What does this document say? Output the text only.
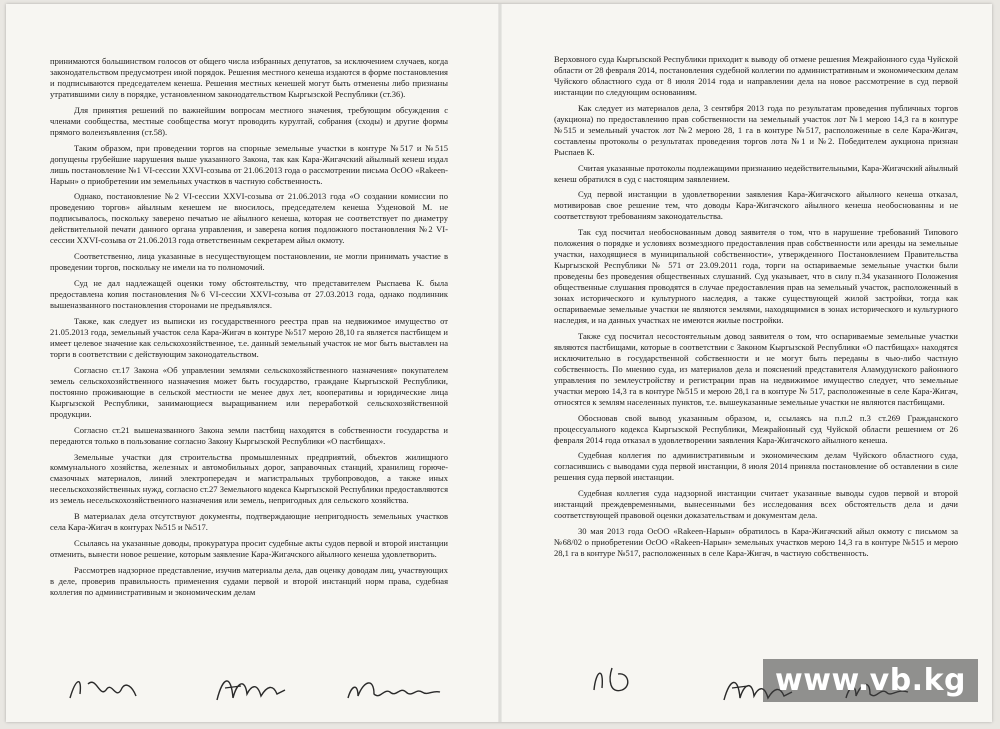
принимаются большинством голосов от общего числа избранных депутатов, за исключением случаев, когда законодательством предусмотрен иной порядок. Решения местного кенеша издаются в форме постановления и подписываются председателем кенеша. Решения местных кенешей могут быть отменены либо признаны утратившими силу в порядке, установленном законодательством Кыргызской Республики (ст.36).

Для принятия решений по важнейшим вопросам местного значения, требующим обсуждения с членами сообщества, местные сообщества могут проводить курултай, собрания (сходы) и другие формы прямого волеизъявления (ст.58).

Таким образом, при проведении торгов на спорные земельные участки в контуре №517 и №515 допущены грубейшие нарушения выше указанного Закона, так как Кара-Жигачский айылный кенеш издал лишь постановление №1 VI-сессии XXVI-созыва от 21.06.2013 года о рассмотрении письма ОсОО «Rakeen-Нарын» о приобретении им земельных участков в частную собственность.

Однако, постановление №2 VI-сессии XXVI-созыва от 21.06.2013 года «О создании комиссии по проведению торгов» айылным кенешем не вносилось, председателем кенеша Узденовой М. не подписывалось, поскольку заверено печатью не айылного кенеша, которая не соответствует по диаметру действительной печати данного органа управления, и заверена копия подложного постановления №2 VI-сессии XXVI-созыва от 21.06.2013 года ответственным секретарем айыл окмоту.

Соответственно, лица указанные в несуществующем постановлении, не могли принимать участие в проведении торгов, поскольку не имели на то полномочий.

Суд не дал надлежащей оценки тому обстоятельству, что представителем Рыспаева К. была предоставлена копия постановления №6 VI-сессии XXVI-созыва от 27.03.2013 года, однако подлинник вышеназванного постановления сторонами не предъявлялся.

Также, как следует из выписки из государственного реестра прав на недвижимое имущество от 21.05.2013 года, земельный участок села Кара-Жигач в контуре №517 мерою 28,10 га является пастбищем и имеет целевое значение как сельскохозяйственное, т.е. данный земельный участок не мог быть выставлен на торги в соответствии с действующим законодательством.

Согласно ст.17 Закона «Об управлении землями сельскохозяйственного назначения» покупателем земель сельскохозяйственного назначения может быть государство, граждане Кыргызской Республики, постоянно проживающие в сельской местности не менее двух лет, кооперативы и юридические лица Кыргызской Республики, занимающиеся выращиванием или переработкой сельскохозяйственной продукции.

Согласно ст.21 вышеназванного Закона земли пастбищ находятся в собственности государства и передаются только в пользование согласно Закону Кыргызской Республики «О пастбищах».

Земельные участки для строительства промышленных предприятий, объектов жилищного коммунального хозяйства, железных и автомобильных дорог, заправочных станций, хранилищ горюче-смазочных материалов, линий электропередач и магистральных трубопроводов, а также иных несельскохозяйственных нужд, согласно ст.27 Земельного кодекса Кыргызской Республики предоставляются из земель несельскохозяйственного назначения или земель, непригодных для сельского хозяйства.

В материалах дела отсутствуют документы, подтверждающие непригодность земельных участков села Кара-Жигач в контурах №515 и №517.

Ссылаясь на указанные доводы, прокуратура просит судебные акты судов первой и второй инстанции отменить, вынести новое решение, которым заявление Кара-Жигачского айылного кенеша удовлетворить.

Рассмотрев надзорное представление, изучив материалы дела, дав оценку доводам лиц, участвующих в деле, проверив правильность применения судами первой и второй инстанций норм права, судебная коллегия по административным и экономическим делам

Верховного суда Кыргызской Республики приходит к выводу об отмене решения Межрайонного суда Чуйской области от 28 февраля 2014, постановления судебной коллегии по административным и экономическим делам Чуйского областного суда от 8 июля 2014 года и направлении дела на новое рассмотрение в суд первой инстанции по следующим основаниям.

Как следует из материалов дела, 3 сентября 2013 года по результатам проведения публичных торгов (аукциона) по предоставлению прав собственности на земельный участок лот №1 мерою 14,3 га в контуре №515 и земельный участок лот №2 мерою 28, 1 га в контуре №517, расположенные в селе Кара-Жигач, составлены протоколы о результатах проведения торгов лота №1 и №2. Победителем аукциона признан Рыспаев К.

Считая указанные протоколы подлежащими признанию недействительными, Кара-Жигачский айылный кенеш обратился в суд с настоящим заявлением.

Суд первой инстанции в удовлетворении заявления Кара-Жигачского айылного кенеша отказал, мотивировав свое решение тем, что доводы Кара-Жигачского айылного кенеша необоснованны и не соответствуют требованиям законодательства.

Так суд посчитал необоснованным довод заявителя о том, что в нарушение требований Типового положения о порядке и условиях возмездного предоставления прав собственности или аренды на земельные участки, находящиеся в муниципальной собственности», утвержденного Постановлением Правительства Кыргызской Республики № 571 от 23.09.2011 года, торги на оспариваемые земельные участки были проведены без проведения общественных слушаний. Суд указывает, что в силу п.34 указанного Положения общественные слушания проводятся в случае предоставления прав на земельный участок, расположенный в зонах исторического и культурного наследия, а также существующей жилой застройки, тогда как оспариваемые земельные участки не являются землями, находящимися в зонах исторического и культурного наследия, и на данных участках не имеются жилые постройки.

Также суд посчитал несостоятельным довод заявителя о том, что оспариваемые земельные участки являются пастбищами, которые в соответствии с Законом Кыргызской Республики «О пастбищах» находятся исключительно в государственной собственности и не могут быть переданы в чью-либо частную собственность. По мнению суда, из материалов дела и пояснений представителя Аламудунского районного управления по землеустройству и регистрации прав на недвижимое имущество следует, что земельные участки мерою 14,3 га в контуре №515 и мерою 28,1 га в контуре № 517, расположенные в селе Кара-Жигач, относятся к землям населенных пунктов, т.е. вышеуказанные земельные участки не являются пастбищами.

Обосновав свой вывод указанным образом, и, ссылаясь на п.п.2 п.3 ст.269 Гражданского процессуального кодекса Кыргызской Республики, Межрайонный суд Чуйской области решением от 26 февраля 2014 года отказал в удовлетворении заявления Кара-Жигачского айылного кенеша.

Судебная коллегия по административным и экономическим делам Чуйского областного суда, согласившись с выводами суда первой инстанции, 8 июля 2014 приняла постановление об оставлении в силе решения суда первой инстанции.

Судебная коллегия суда надзорной инстанции считает указанные выводы судов первой и второй инстанций преждевременными, вынесенными без исследования всех обстоятельств дела и дачи соответствующей правовой оценки доказательствам и документам дела.

30 мая 2013 года ОсОО «Rakeen-Нарын» обратилось в Кара-Жигачский айыл окмоту с письмом за №68/02 о приобретении ОсОО «Rakeen-Нарын» земельных участков мерою 14,3 га в контуре №515 и мерою 28,1 га в контуре №517, расположенных в селе Кара-Жигач, в частную собственность.

www.vb.kg
